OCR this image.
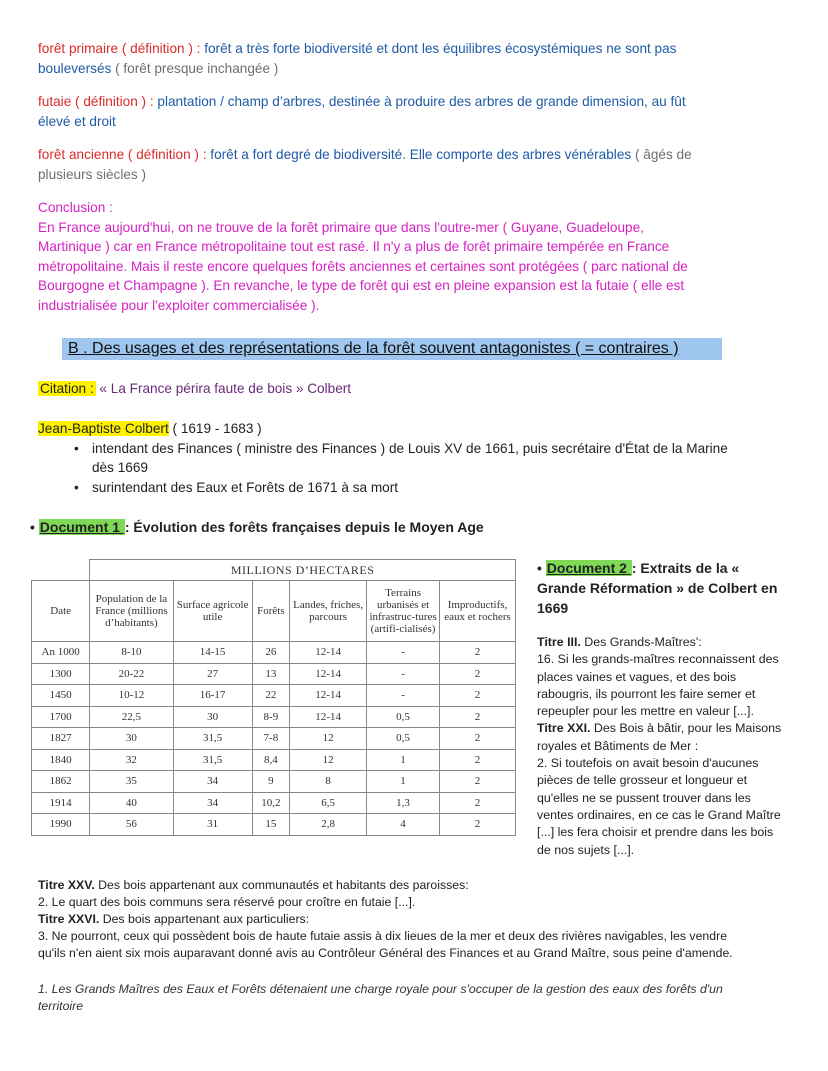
forêt primaire ( définition ) : forêt a très forte biodiversité et dont les équilibres écosystémiques ne sont pas
bouleversés ( forêt presque inchangée )
futaie ( définition ) : plantation / champ d’arbres, destinée à produire des arbres de grande dimension, au fût
élevé et droit
forêt ancienne ( définition ) : forêt a fort degré de biodiversité. Elle comporte des arbres vénérables ( âgés de
plusieurs siècles )
Conclusion :
En France aujourd'hui, on ne trouve de la forêt primaire que dans l'outre-mer ( Guyane, Guadeloupe,
Martinique ) car en France métropolitaine tout est rasé. Il n'y a plus de forêt primaire tempérée en France
métropolitaine. Mais il reste encore quelques forêts anciennes et certaines sont protégées ( parc national de
Bourgogne et Champagne ). En revanche, le type de forêt qui est en pleine expansion est la futaie ( elle est
industrialisée pour l'exploiter commercialisée ).
B . Des usages et des représentations de la forêt souvent antagonistes ( = contraires )
Citation : « La France périra faute de bois » Colbert
Jean-Baptiste Colbert ( 1619 - 1683 )
• intendant des Finances ( ministre des Finances ) de Louis XV de 1661, puis secrétaire d'État de la Marine
dès 1669
• surintendant des Eaux et Forêts de 1671 à sa mort
• Document 1 : Évolution des forêts françaises depuis le Moyen Age
	MILLIONS D’HECTARES					
Date	Population de la France (millions d’habitants)	Surface agricole utile	Forêts	Landes, friches, parcours	Terrains urbanisés et infrastruc-tures (artifi-cialisés)	Improductifs, eaux et rochers
An 1000	8-10	14-15	26	12-14	-	2
1300	20-22	27	13	12-14	-	2
1450	10-12	16-17	22	12-14	-	2
1700	22,5	30	8-9	12-14	0,5	2
1827	30	31,5	7-8	12	0,5	2
1840	32	31,5	8,4	12	1	2
1862	35	34	9	8	1	2
1914	40	34	10,2	6,5	1,3	2
1990	56	31	15	2,8	4	2
• Document 2 : Extraits de la «
Grande Réformation » de Colbert en
1669
Titre III. Des Grands-Maîtres':
16. Si les grands-maîtres reconnaissent des
places vaines et vagues, et des bois
rabougris, ils pourront les faire semer et
repeupler pour les mettre en valeur [...].
Titre XXI. Des Bois à bâtir, pour les Maisons
royales et Bâtiments de Mer :
2. Si toutefois on avait besoin d'aucunes
pièces de telle grosseur et longueur et
qu'elles ne se pussent trouver dans les
ventes ordinaires, en ce cas le Grand Maître
[...] les fera choisir et prendre dans les bois
de nos sujets [...].
Titre XXV. Des bois appartenant aux communautés et habitants des paroisses:
2. Le quart des bois communs sera réservé pour croître en futaie [...].
Titre XXVI. Des bois appartenant aux particuliers:
3. Ne pourront, ceux qui possèdent bois de haute futaie assis à dix lieues de la mer et deux des rivières navigables, les vendre
qu'ils n'en aient six mois auparavant donné avis au Contrôleur Général des Finances et au Grand Maître, sous peine d'amende.
1. Les Grands Maîtres des Eaux et Forêts détenaient une charge royale pour s'occuper de la gestion des eaux des forêts d'un
territoire
